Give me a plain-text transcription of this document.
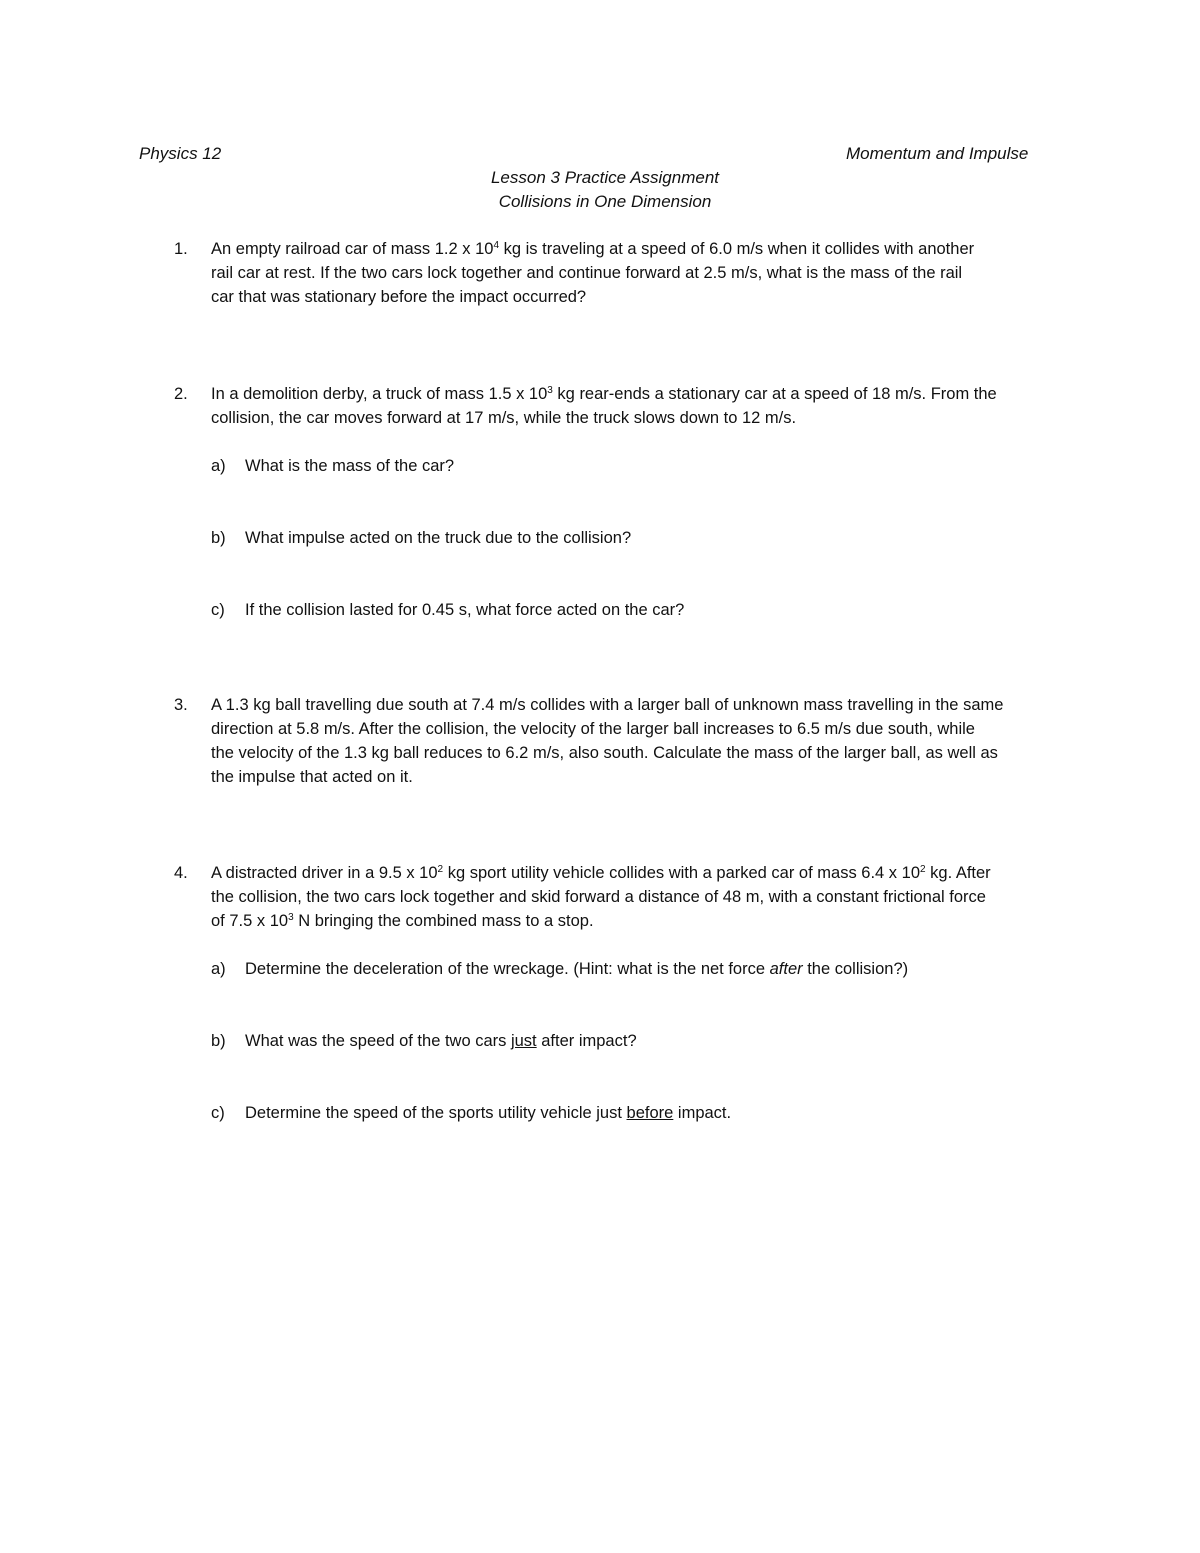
Physics 12	Momentum and Impulse
Lesson 3 Practice Assignment
Collisions in One Dimension
1. An empty railroad car of mass 1.2 x $10^4$ kg is traveling at a speed of 6.0 m/s when it collides with another
rail car at rest. If the two cars lock together and continue forward at 2.5 m/s, what is the mass of the rail
car that was stationary before the impact occurred?
2. In a demolition derby, a truck of mass 1.5 x $10^3$ kg rear-ends a stationary car at a speed of 18 m/s. From the
collision, the car moves forward at 17 m/s, while the truck slows down to 12 m/s.
a) What is the mass of the car?
b) What impulse acted on the truck due to the collision?
c) If the collision lasted for 0.45 s, what force acted on the car?
3. A 1.3 kg ball travelling due south at 7.4 m/s collides with a larger ball of unknown mass travelling in the same
direction at 5.8 m/s. After the collision, the velocity of the larger ball increases to 6.5 m/s due south, while
the velocity of the 1.3 kg ball reduces to 6.2 m/s, also south. Calculate the mass of the larger ball, as well as
the impulse that acted on it.
4. A distracted driver in a 9.5 x $10^2$ kg sport utility vehicle collides with a parked car of mass 6.4 x $10^2$ kg. After
the collision, the two cars lock together and skid forward a distance of 48 m, with a constant frictional force
of 7.5 x $10^3$ N bringing the combined mass to a stop.
a) Determine the deceleration of the wreckage. (Hint: what is the net force after the collision?)
b) What was the speed of the two cars just after impact?
c) Determine the speed of the sports utility vehicle just before impact.
